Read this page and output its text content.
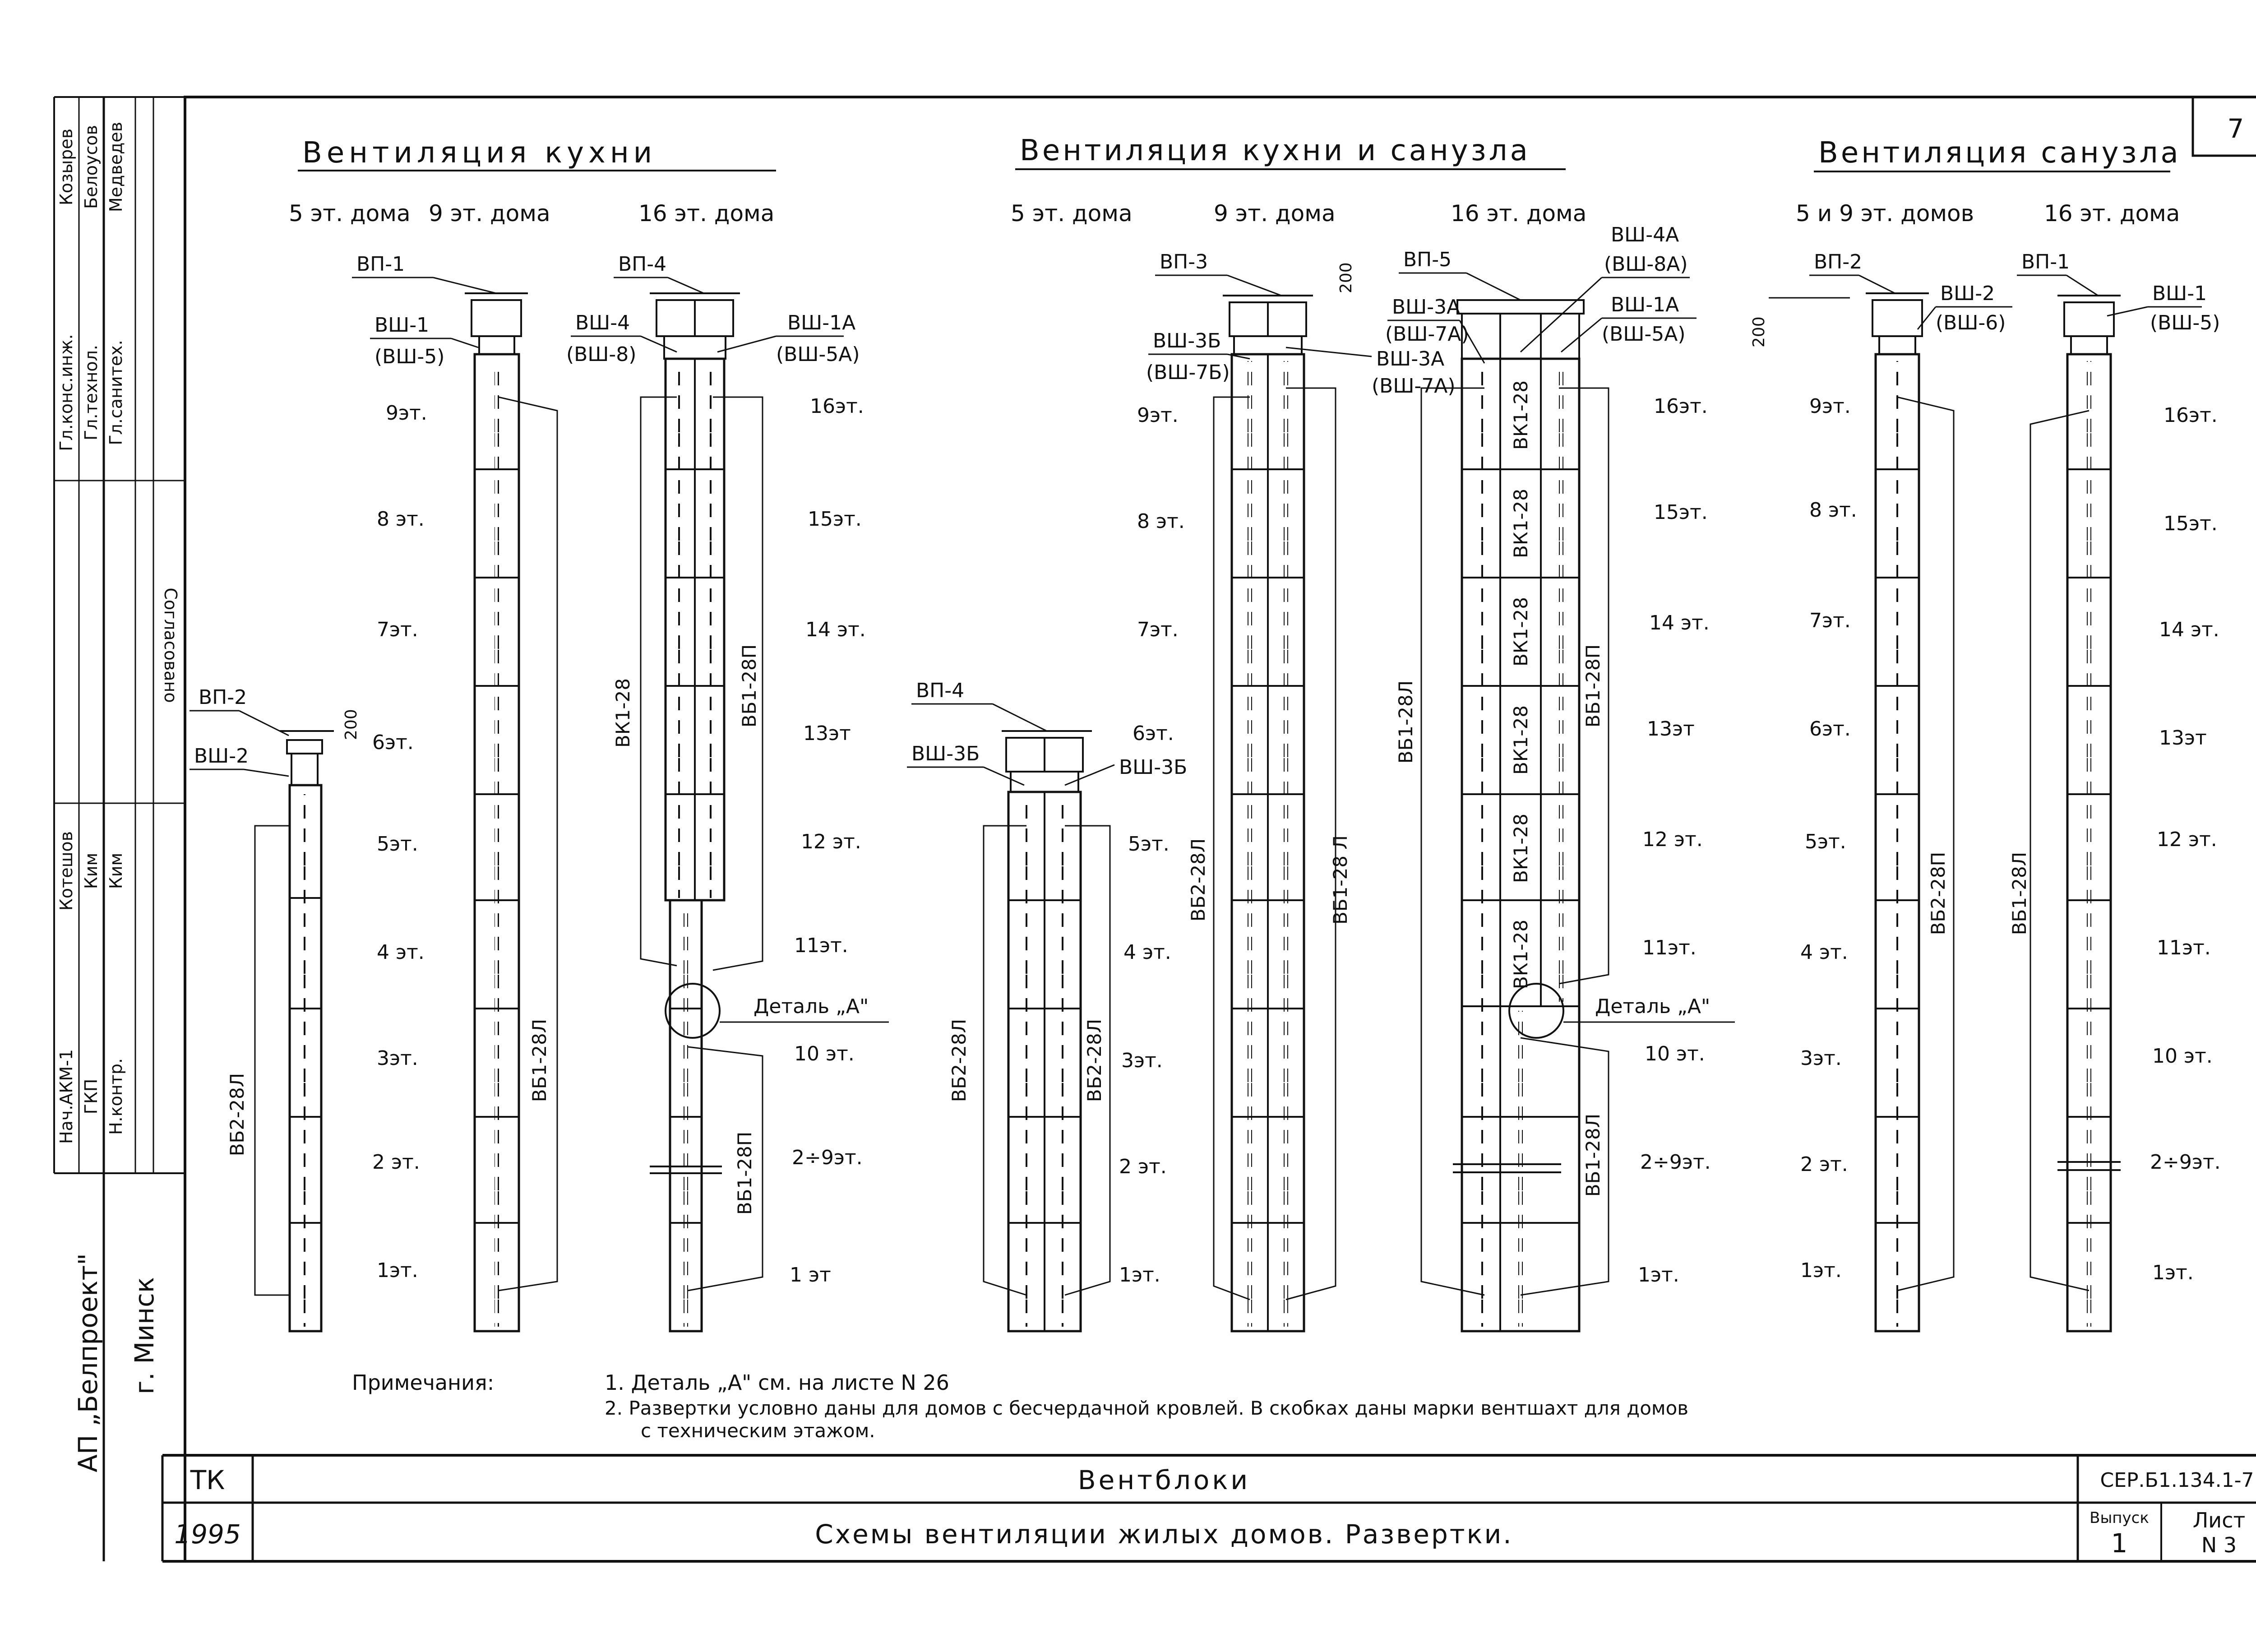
7
Согласовано
Гл.конс.инж. Гл.технол. Гл.санитех.
Козырев Белоусов Медведев
Нач.АКМ-1 ГКП Н.контр.
Котешов Ким Ким
АП „Белпроект" г. Минск
Вентиляция кухни	Вентиляция кухни и санузла	Вентиляция санузла
5 эт. дома 9 эт. дома	16 эт. дома	5 эт. дома	9 эт. дома	16 эт. дома	5 и 9 эт. домов	16 эт. дома
ВП-2
ВШ-2
200
ВБ2-28Л
ВП-1
ВШ-1
(ВШ-5)
ВБ1-28Л
9эт.
8 эт.
7эт.
6эт.
5эт.
4 эт.
3эт.
2 эт.
1эт.
ВП-4
ВШ-4
(ВШ-8)
ВШ-1А
(ВШ-5А)
ВК1-28	ВБ1-28П
ВБ1-28П
Деталь „А"
16эт.
15эт.
14 эт.
13эт
12 эт.
11эт.
10 эт.
2÷9эт.
1 эт
ВП-4
ВШ-3Б
ВШ-3Б
ВБ2-28Л	ВБ2-28Л
ВП-3
200
ВШ-3Б
(ВШ-7Б)
ВШ-3А
(ВШ-7А)
ВБ2-28Л	ВБ1-28 Л
9эт.
8 эт.
7эт.
6эт.
5эт.
4 эт.
3эт.
2 эт.
1эт.
ВК1-28
ВК1-28
ВК1-28
ВК1-28
ВК1-28
ВК1-28
ВП-5
ВШ-4А
(ВШ-8А)
ВШ-1А
(ВШ-5А)
ВШ-3А
(ВШ-7А)
ВБ1-28Л	ВБ1-28П
ВБ1-28Л
Деталь „А"
16эт.
15эт.
14 эт.
13эт
12 эт.
11эт.
10 эт.
2÷9эт.
1эт.
ВП-2
200
ВШ-2
(ВШ-6)
ВБ2-28П
9эт.
8 эт.
7эт.
6эт.
5эт.
4 эт.
3эт.
2 эт.
1эт.
ВП-1
ВШ-1
(ВШ-5)
ВБ1-28Л
16эт.
15эт.
14 эт.
13эт
12 эт.
11эт.
10 эт.
2÷9эт.
1эт.
Примечания:	1. Деталь „А" см. на листе N 26
2. Развертки условно даны для домов с бесчердачной кровлей. В скобках даны марки вентшахт для домов
с техническим этажом.
ТК
1995
Вентблоки
Схемы вентиляции жилых домов. Развертки.
СЕР.Б1.134.1-7
Выпуск
1
Лист
N 3
